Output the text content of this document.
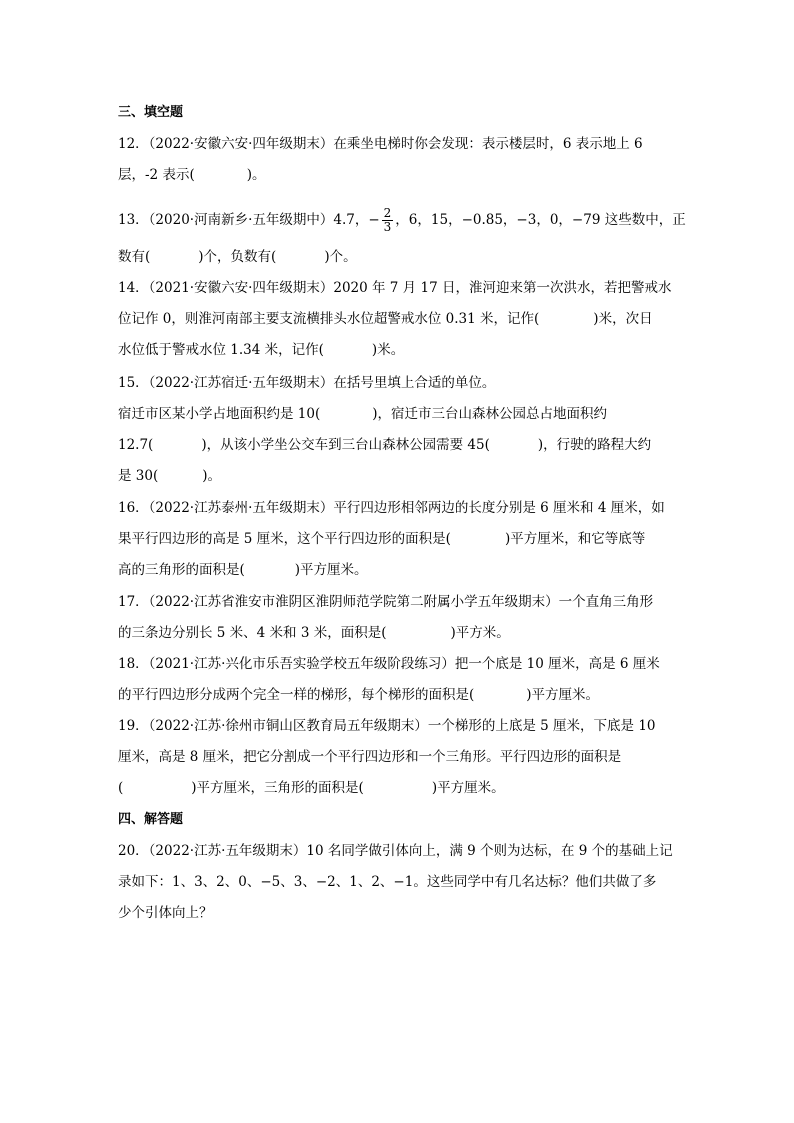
三、填空题
12．（2022·安徽六安·四年级期末）在乘坐电梯时你会发现：表示楼层时，6 表示地上 6
层，-2 表示(	)。
13．（2020·河南新乡·五年级期中）4.7，− $\frac{2}{3}$ ，6，15，−0.85，−3，0，−79 这些数中，正
数有(	)个，负数有(	)个。
14．（2021·安徽六安·四年级期末）2020 年 7 月 17 日，淮河迎来第一次洪水，若把警戒水
位记作 0，则淮河南部主要支流横排头水位超警戒水位 0.31 米，记作(	)米，次日
水位低于警戒水位 1.34 米，记作(	)米。
15．（2022·江苏宿迁·五年级期末）在括号里填上合适的单位。
宿迁市区某小学占地面积约是 10(	)，宿迁市三台山森林公园总占地面积约
12.7(	)，从该小学坐公交车到三台山森林公园需要 45(	)，行驶的路程大约
是 30(	)。
16．（2022·江苏泰州·五年级期末）平行四边形相邻两边的长度分别是 6 厘米和 4 厘米，如
果平行四边形的高是 5 厘米，这个平行四边形的面积是(	)平方厘米，和它等底等
高的三角形的面积是(	)平方厘米。
17．（2022·江苏省淮安市淮阴区淮阴师范学院第二附属小学五年级期末）一个直角三角形
的三条边分别长 5 米、4 米和 3 米，面积是(	)平方米。
18．（2021·江苏·兴化市乐吾实验学校五年级阶段练习）把一个底是 10 厘米，高是 6 厘米
的平行四边形分成两个完全一样的梯形，每个梯形的面积是(	)平方厘米。
19．（2022·江苏·徐州市铜山区教育局五年级期末）一个梯形的上底是 5 厘米，下底是 10
厘米，高是 8 厘米，把它分割成一个平行四边形和一个三角形。平行四边形的面积是
(	)平方厘米，三角形的面积是(	)平方厘米。
四、解答题
20．（2022·江苏·五年级期末）10 名同学做引体向上，满 9 个则为达标，在 9 个的基础上记
录如下：1、3、2、0、−5、3、−2、1、2、−1。这些同学中有几名达标？他们共做了多
少个引体向上？
